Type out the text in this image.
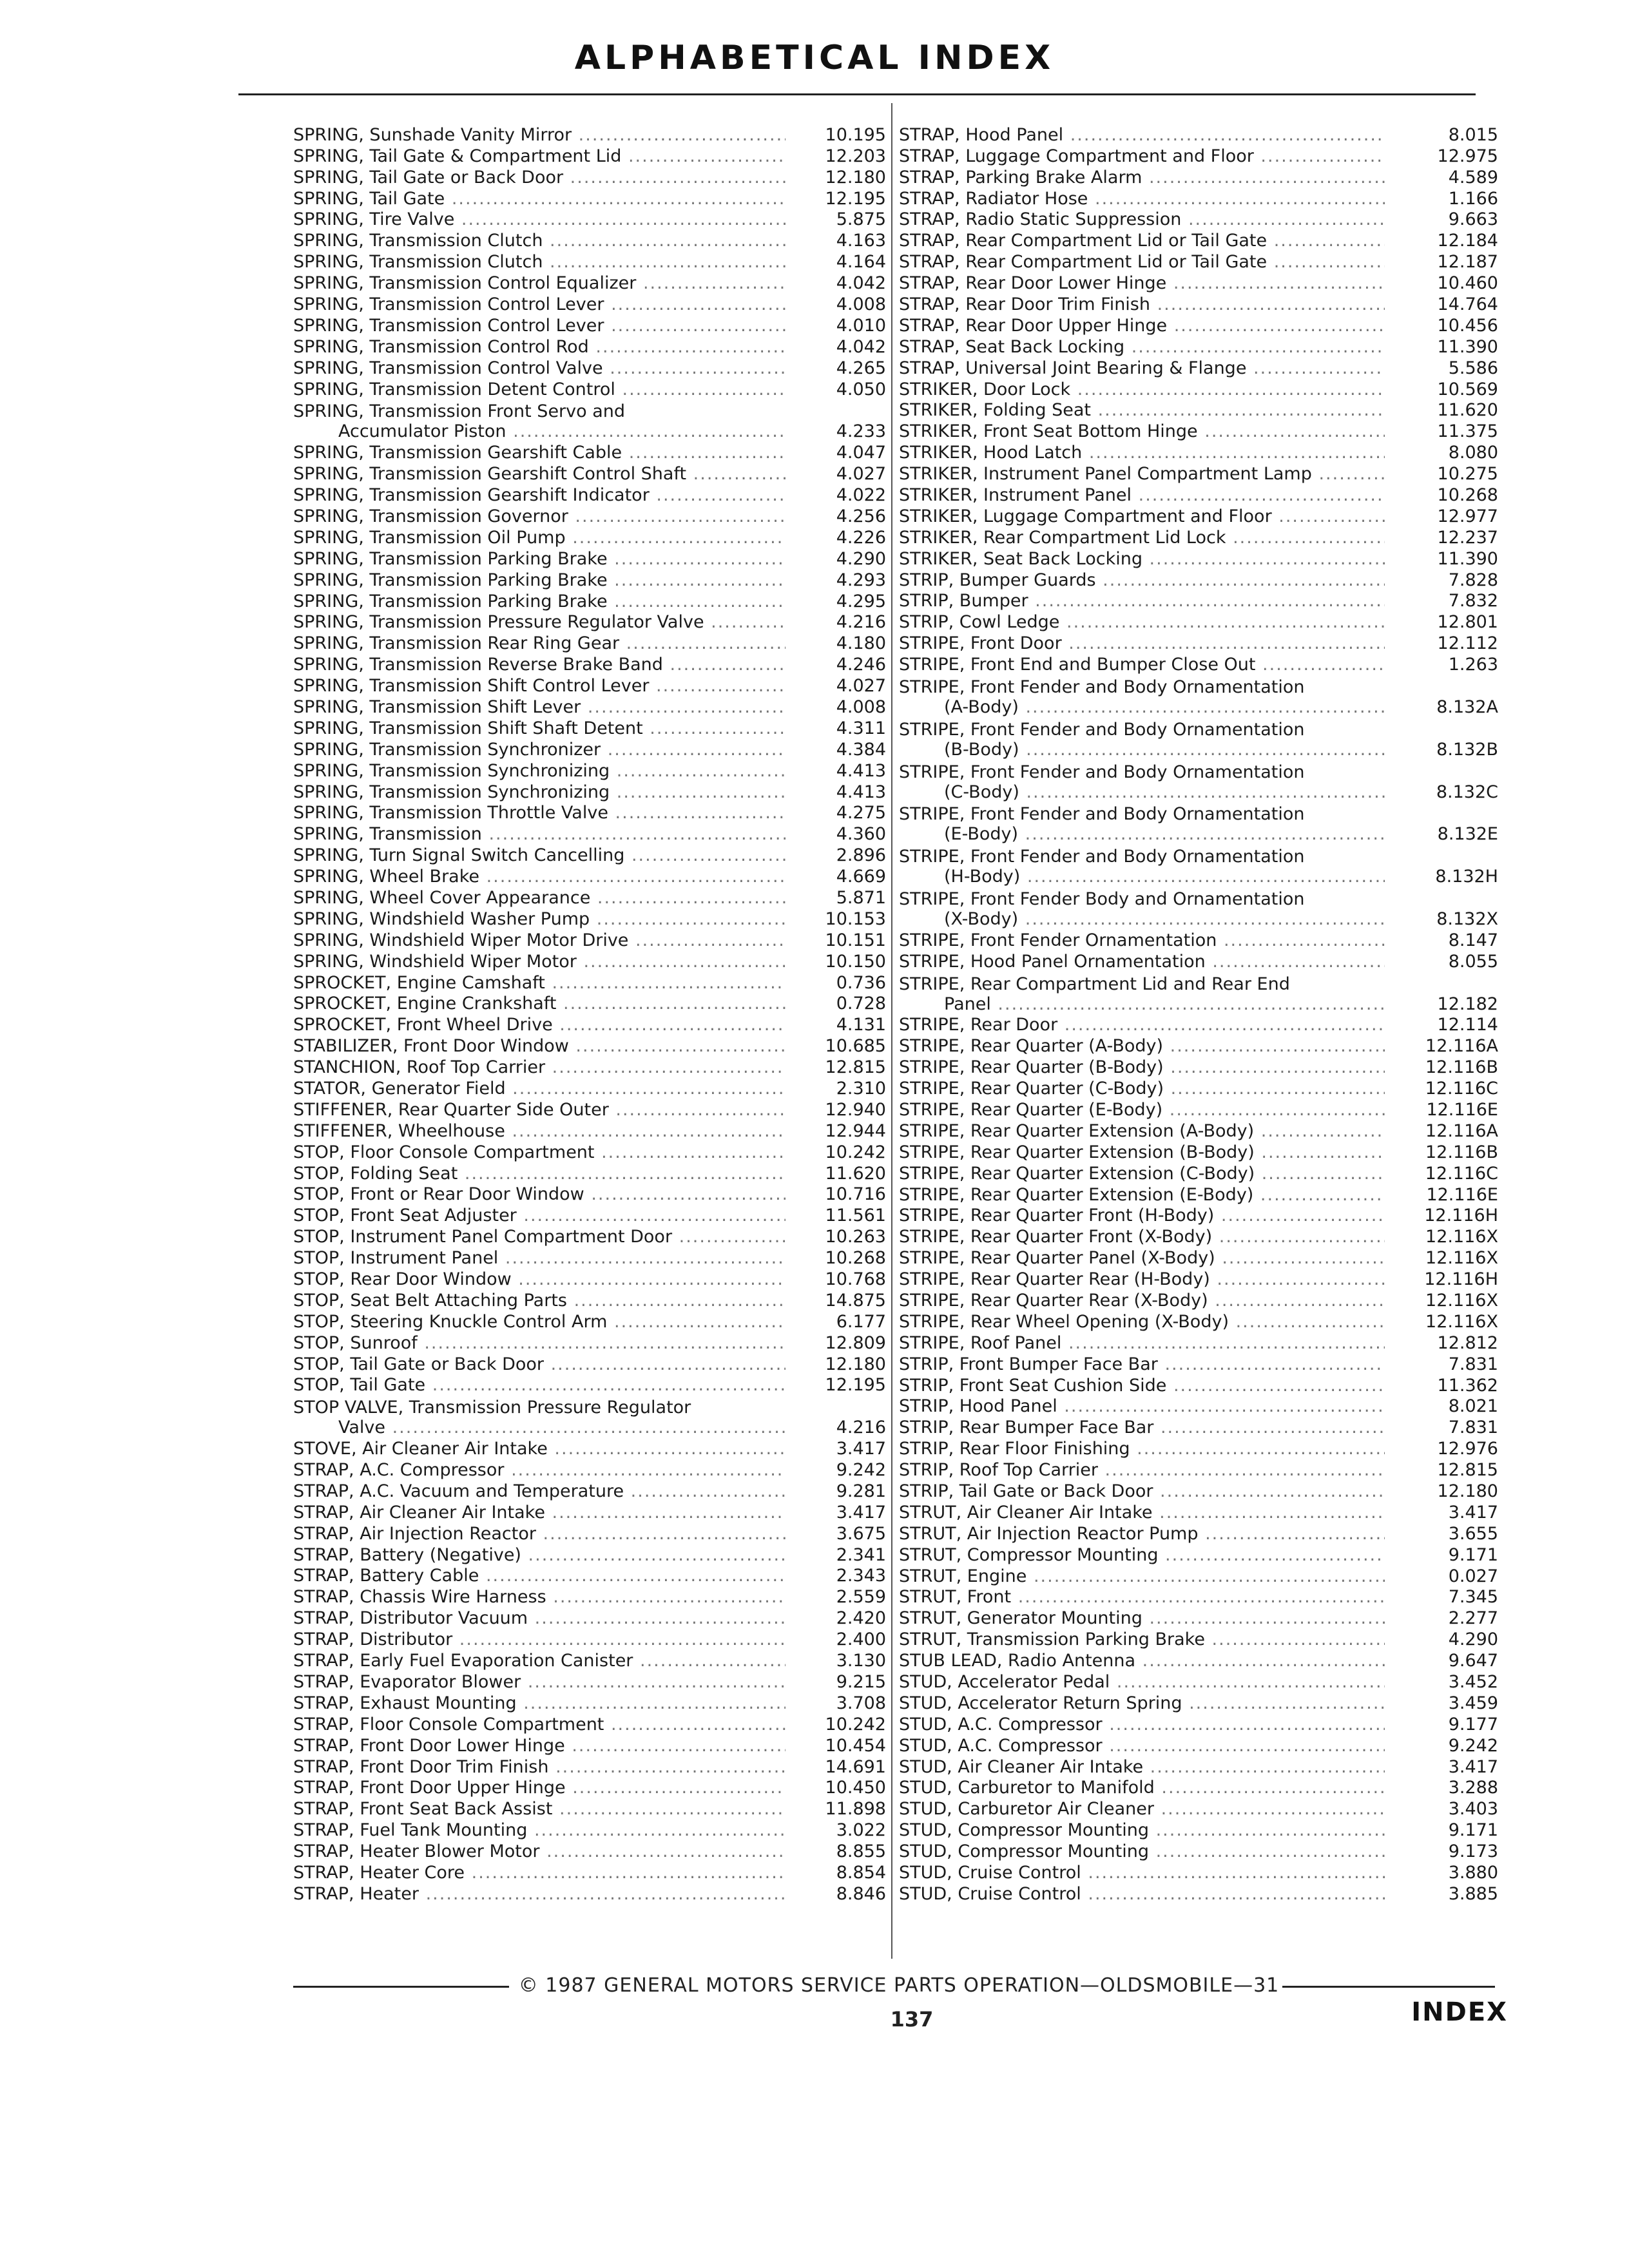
ALPHABETICAL INDEX
SPRING, Sunshade Vanity Mirror .....	10.195
SPRING, Tail Gate & Compartment Lid .....	12.203
SPRING, Tail Gate or Back Door .....	12.180
SPRING, Tail Gate .....	12.195
SPRING, Tire Valve .....	5.875
SPRING, Transmission Clutch .....	4.163
SPRING, Transmission Clutch .....	4.164
SPRING, Transmission Control Equalizer .....	4.042
SPRING, Transmission Control Lever .....	4.008
SPRING, Transmission Control Lever .....	4.010
SPRING, Transmission Control Rod .....	4.042
SPRING, Transmission Control Valve .....	4.265
SPRING, Transmission Detent Control .....	4.050
SPRING, Transmission Front Servo and
Accumulator Piston .....	4.233
SPRING, Transmission Gearshift Cable .....	4.047
SPRING, Transmission Gearshift Control Shaft .....	4.027
SPRING, Transmission Gearshift Indicator .....	4.022
SPRING, Transmission Governor .....	4.256
SPRING, Transmission Oil Pump .....	4.226
SPRING, Transmission Parking Brake .....	4.290
SPRING, Transmission Parking Brake .....	4.293
SPRING, Transmission Parking Brake .....	4.295
SPRING, Transmission Pressure Regulator Valve .....	4.216
SPRING, Transmission Rear Ring Gear .....	4.180
SPRING, Transmission Reverse Brake Band .....	4.246
SPRING, Transmission Shift Control Lever .....	4.027
SPRING, Transmission Shift Lever .....	4.008
SPRING, Transmission Shift Shaft Detent .....	4.311
SPRING, Transmission Synchronizer .....	4.384
SPRING, Transmission Synchronizing .....	4.413
SPRING, Transmission Synchronizing .....	4.413
SPRING, Transmission Throttle Valve .....	4.275
SPRING, Transmission .....	4.360
SPRING, Turn Signal Switch Cancelling .....	2.896
SPRING, Wheel Brake .....	4.669
SPRING, Wheel Cover Appearance .....	5.871
SPRING, Windshield Washer Pump .....	10.153
SPRING, Windshield Wiper Motor Drive .....	10.151
SPRING, Windshield Wiper Motor .....	10.150
SPROCKET, Engine Camshaft .....	0.736
SPROCKET, Engine Crankshaft .....	0.728
SPROCKET, Front Wheel Drive .....	4.131
STABILIZER, Front Door Window .....	10.685
STANCHION, Roof Top Carrier .....	12.815
STATOR, Generator Field .....	2.310
STIFFENER, Rear Quarter Side Outer .....	12.940
STIFFENER, Wheelhouse .....	12.944
STOP, Floor Console Compartment .....	10.242
STOP, Folding Seat .....	11.620
STOP, Front or Rear Door Window .....	10.716
STOP, Front Seat Adjuster .....	11.561
STOP, Instrument Panel Compartment Door .....	10.263
STOP, Instrument Panel .....	10.268
STOP, Rear Door Window .....	10.768
STOP, Seat Belt Attaching Parts .....	14.875
STOP, Steering Knuckle Control Arm .....	6.177
STOP, Sunroof .....	12.809
STOP, Tail Gate or Back Door .....	12.180
STOP, Tail Gate .....	12.195
STOP VALVE, Transmission Pressure Regulator
Valve .....	4.216
STOVE, Air Cleaner Air Intake .....	3.417
STRAP, A.C. Compressor .....	9.242
STRAP, A.C. Vacuum and Temperature .....	9.281
STRAP, Air Cleaner Air Intake .....	3.417
STRAP, Air Injection Reactor .....	3.675
STRAP, Battery (Negative) .....	2.341
STRAP, Battery Cable .....	2.343
STRAP, Chassis Wire Harness .....	2.559
STRAP, Distributor Vacuum .....	2.420
STRAP, Distributor .....	2.400
STRAP, Early Fuel Evaporation Canister .....	3.130
STRAP, Evaporator Blower .....	9.215
STRAP, Exhaust Mounting .....	3.708
STRAP, Floor Console Compartment .....	10.242
STRAP, Front Door Lower Hinge .....	10.454
STRAP, Front Door Trim Finish .....	14.691
STRAP, Front Door Upper Hinge .....	10.450
STRAP, Front Seat Back Assist .....	11.898
STRAP, Fuel Tank Mounting .....	3.022
STRAP, Heater Blower Motor .....	8.855
STRAP, Heater Core .....	8.854
STRAP, Heater .....	8.846
STRAP, Hood Panel .....	8.015
STRAP, Luggage Compartment and Floor .....	12.975
STRAP, Parking Brake Alarm .....	4.589
STRAP, Radiator Hose .....	1.166
STRAP, Radio Static Suppression .....	9.663
STRAP, Rear Compartment Lid or Tail Gate .....	12.184
STRAP, Rear Compartment Lid or Tail Gate .....	12.187
STRAP, Rear Door Lower Hinge .....	10.460
STRAP, Rear Door Trim Finish .....	14.764
STRAP, Rear Door Upper Hinge .....	10.456
STRAP, Seat Back Locking .....	11.390
STRAP, Universal Joint Bearing & Flange .....	5.586
STRIKER, Door Lock .....	10.569
STRIKER, Folding Seat .....	11.620
STRIKER, Front Seat Bottom Hinge .....	11.375
STRIKER, Hood Latch .....	8.080
STRIKER, Instrument Panel Compartment Lamp .....	10.275
STRIKER, Instrument Panel .....	10.268
STRIKER, Luggage Compartment and Floor .....	12.977
STRIKER, Rear Compartment Lid Lock .....	12.237
STRIKER, Seat Back Locking .....	11.390
STRIP, Bumper Guards .....	7.828
STRIP, Bumper .....	7.832
STRIP, Cowl Ledge .....	12.801
STRIPE, Front Door .....	12.112
STRIPE, Front End and Bumper Close Out .....	1.263
STRIPE, Front Fender and Body Ornamentation
(A-Body) .....	8.132A
STRIPE, Front Fender and Body Ornamentation
(B-Body) .....	8.132B
STRIPE, Front Fender and Body Ornamentation
(C-Body) .....	8.132C
STRIPE, Front Fender and Body Ornamentation
(E-Body) .....	8.132E
STRIPE, Front Fender and Body Ornamentation
(H-Body) .....	8.132H
STRIPE, Front Fender Body and Ornamentation
(X-Body) .....	8.132X
STRIPE, Front Fender Ornamentation .....	8.147
STRIPE, Hood Panel Ornamentation .....	8.055
STRIPE, Rear Compartment Lid and Rear End
Panel .....	12.182
STRIPE, Rear Door .....	12.114
STRIPE, Rear Quarter (A-Body) .....	12.116A
STRIPE, Rear Quarter (B-Body) .....	12.116B
STRIPE, Rear Quarter (C-Body) .....	12.116C
STRIPE, Rear Quarter (E-Body) .....	12.116E
STRIPE, Rear Quarter Extension (A-Body) .....	12.116A
STRIPE, Rear Quarter Extension (B-Body) .....	12.116B
STRIPE, Rear Quarter Extension (C-Body) .....	12.116C
STRIPE, Rear Quarter Extension (E-Body) .....	12.116E
STRIPE, Rear Quarter Front (H-Body) .....	12.116H
STRIPE, Rear Quarter Front (X-Body) .....	12.116X
STRIPE, Rear Quarter Panel (X-Body) .....	12.116X
STRIPE, Rear Quarter Rear (H-Body) .....	12.116H
STRIPE, Rear Quarter Rear (X-Body) .....	12.116X
STRIPE, Rear Wheel Opening (X-Body) .....	12.116X
STRIPE, Roof Panel .....	12.812
STRIP, Front Bumper Face Bar .....	7.831
STRIP, Front Seat Cushion Side .....	11.362
STRIP, Hood Panel .....	8.021
STRIP, Rear Bumper Face Bar .....	7.831
STRIP, Rear Floor Finishing .....	12.976
STRIP, Roof Top Carrier .....	12.815
STRIP, Tail Gate or Back Door .....	12.180
STRUT, Air Cleaner Air Intake .....	3.417
STRUT, Air Injection Reactor Pump .....	3.655
STRUT, Compressor Mounting .....	9.171
STRUT, Engine .....	0.027
STRUT, Front .....	7.345
STRUT, Generator Mounting .....	2.277
STRUT, Transmission Parking Brake .....	4.290
STUB LEAD, Radio Antenna .....	9.647
STUD, Accelerator Pedal .....	3.452
STUD, Accelerator Return Spring .....	3.459
STUD, A.C. Compressor .....	9.177
STUD, A.C. Compressor .....	9.242
STUD, Air Cleaner Air Intake .....	3.417
STUD, Carburetor to Manifold .....	3.288
STUD, Carburetor Air Cleaner .....	3.403
STUD, Compressor Mounting .....	9.171
STUD, Compressor Mounting .....	9.173
STUD, Cruise Control .....	3.880
STUD, Cruise Control .....	3.885
© 1987 GENERAL MOTORS SERVICE PARTS OPERATION—OLDSMOBILE—31
137	INDEX
